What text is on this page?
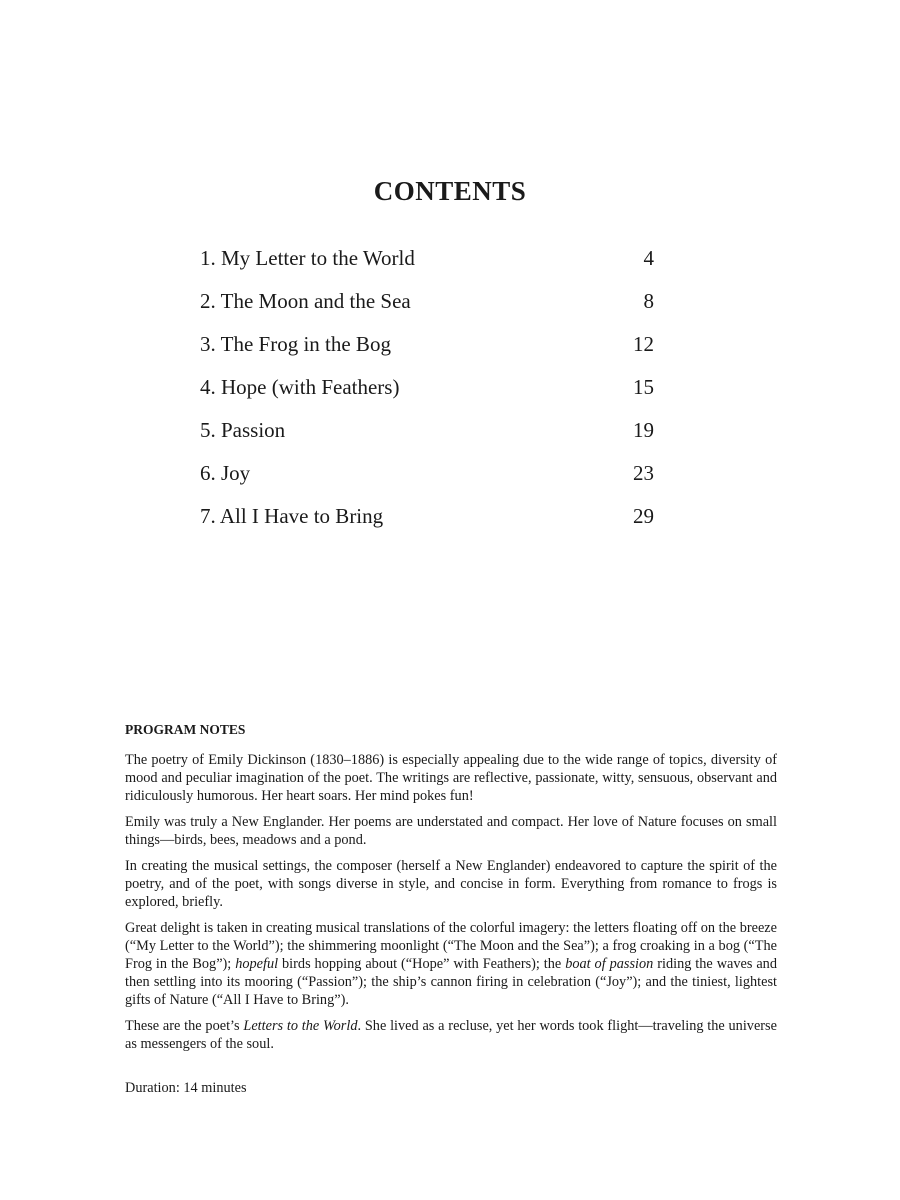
CONTENTS
1. My Letter to the World	4
2. The Moon and the Sea	8
3. The Frog in the Bog	12
4. Hope (with Feathers)	15
5. Passion	19
6. Joy	23
7. All I Have to Bring	29
PROGRAM NOTES

The poetry of Emily Dickinson (1830–1886) is especially appealing due to the wide range of topics, diversity of mood and peculiar imagination of the poet. The writings are reflective, passionate, witty, sensuous, observant and ridiculously humorous. Her heart soars. Her mind pokes fun!

Emily was truly a New Englander. Her poems are understated and compact. Her love of Nature focuses on small things—birds, bees, meadows and a pond.

In creating the musical settings, the composer (herself a New Englander) endeavored to capture the spirit of the poetry, and of the poet, with songs diverse in style, and concise in form. Everything from romance to frogs is explored, briefly.

Great delight is taken in creating musical translations of the colorful imagery: the letters floating off on the breeze (“My Letter to the World”); the shimmering moonlight (“The Moon and the Sea”); a frog croaking in a bog (“The Frog in the Bog”); hopeful birds hopping about (“Hope” with Feathers); the boat of passion riding the waves and then settling into its mooring (“Passion”); the ship’s cannon firing in celebration (“Joy”); and the tiniest, lightest gifts of Nature (“All I Have to Bring”).

These are the poet’s Letters to the World. She lived as a recluse, yet her words took flight—traveling the universe as messengers of the soul.

Duration: 14 minutes
